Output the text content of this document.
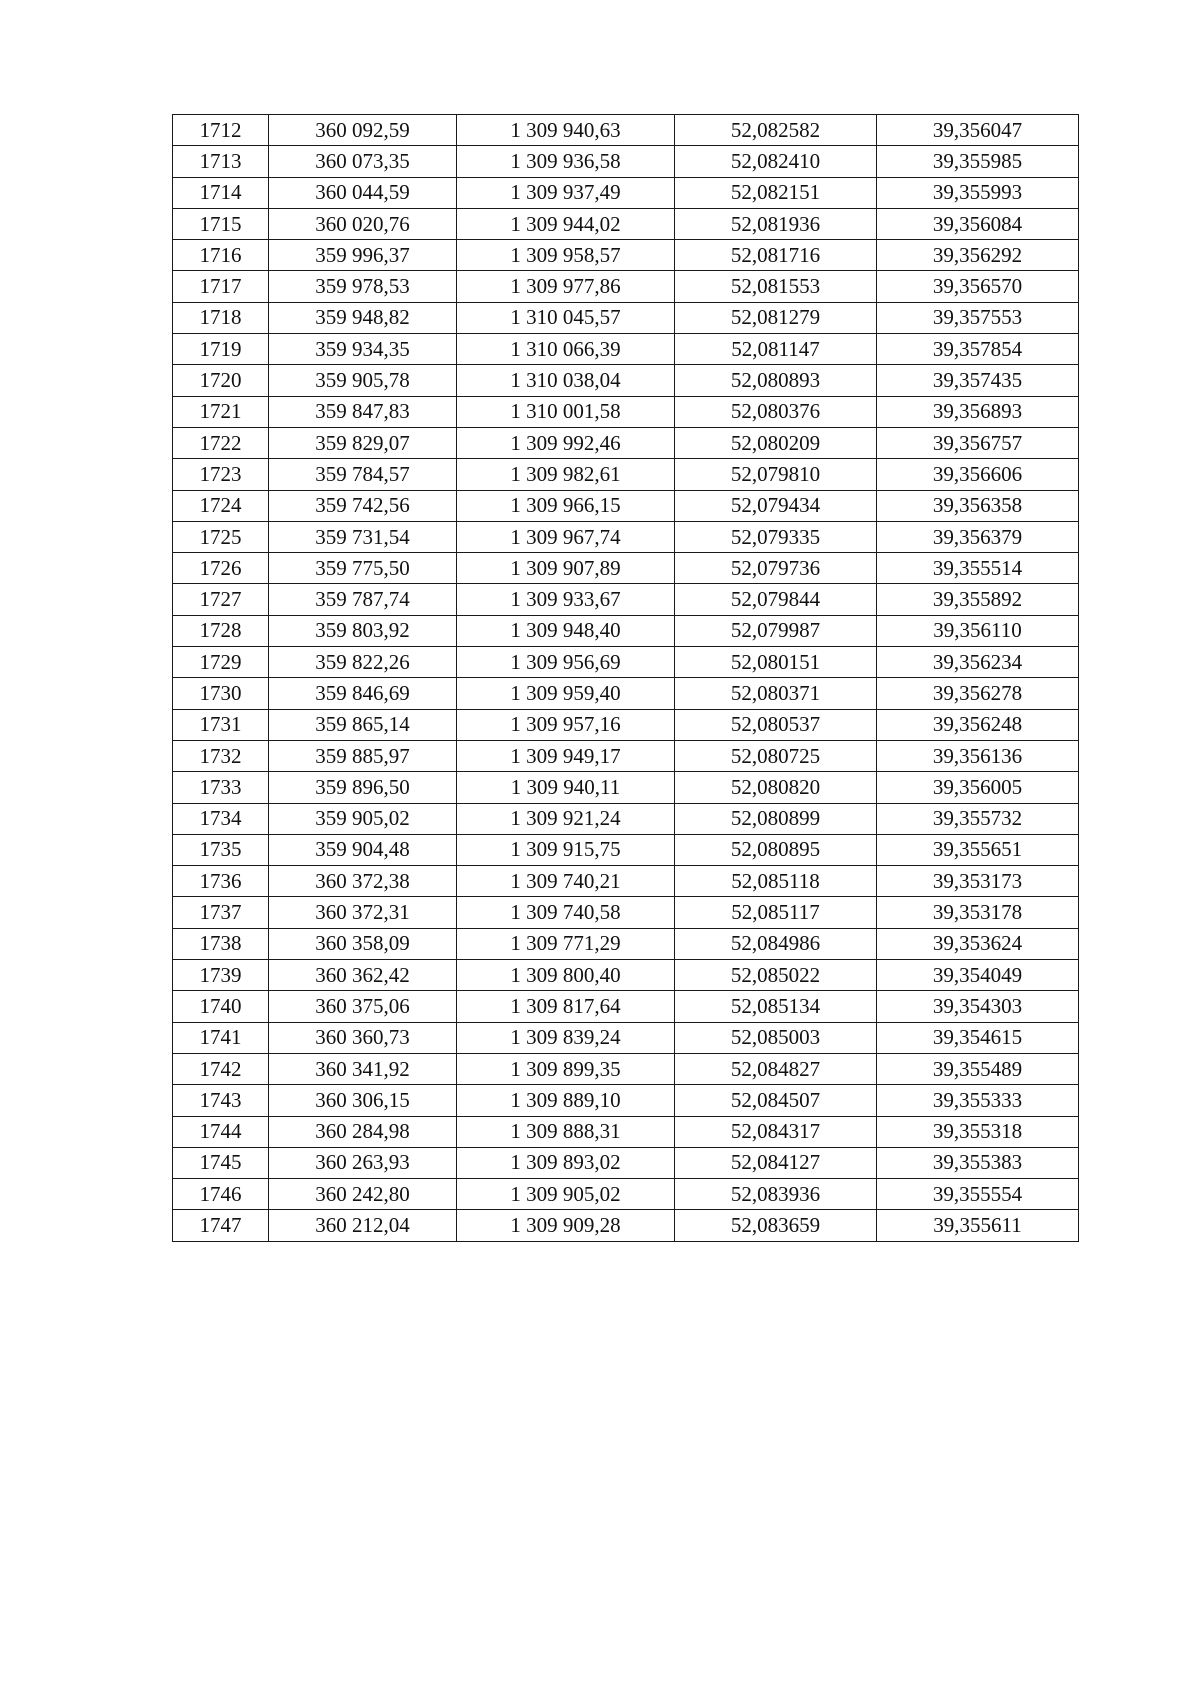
1712	360 092,59	1 309 940,63	52,082582	39,356047
1713	360 073,35	1 309 936,58	52,082410	39,355985
1714	360 044,59	1 309 937,49	52,082151	39,355993
1715	360 020,76	1 309 944,02	52,081936	39,356084
1716	359 996,37	1 309 958,57	52,081716	39,356292
1717	359 978,53	1 309 977,86	52,081553	39,356570
1718	359 948,82	1 310 045,57	52,081279	39,357553
1719	359 934,35	1 310 066,39	52,081147	39,357854
1720	359 905,78	1 310 038,04	52,080893	39,357435
1721	359 847,83	1 310 001,58	52,080376	39,356893
1722	359 829,07	1 309 992,46	52,080209	39,356757
1723	359 784,57	1 309 982,61	52,079810	39,356606
1724	359 742,56	1 309 966,15	52,079434	39,356358
1725	359 731,54	1 309 967,74	52,079335	39,356379
1726	359 775,50	1 309 907,89	52,079736	39,355514
1727	359 787,74	1 309 933,67	52,079844	39,355892
1728	359 803,92	1 309 948,40	52,079987	39,356110
1729	359 822,26	1 309 956,69	52,080151	39,356234
1730	359 846,69	1 309 959,40	52,080371	39,356278
1731	359 865,14	1 309 957,16	52,080537	39,356248
1732	359 885,97	1 309 949,17	52,080725	39,356136
1733	359 896,50	1 309 940,11	52,080820	39,356005
1734	359 905,02	1 309 921,24	52,080899	39,355732
1735	359 904,48	1 309 915,75	52,080895	39,355651
1736	360 372,38	1 309 740,21	52,085118	39,353173
1737	360 372,31	1 309 740,58	52,085117	39,353178
1738	360 358,09	1 309 771,29	52,084986	39,353624
1739	360 362,42	1 309 800,40	52,085022	39,354049
1740	360 375,06	1 309 817,64	52,085134	39,354303
1741	360 360,73	1 309 839,24	52,085003	39,354615
1742	360 341,92	1 309 899,35	52,084827	39,355489
1743	360 306,15	1 309 889,10	52,084507	39,355333
1744	360 284,98	1 309 888,31	52,084317	39,355318
1745	360 263,93	1 309 893,02	52,084127	39,355383
1746	360 242,80	1 309 905,02	52,083936	39,355554
1747	360 212,04	1 309 909,28	52,083659	39,355611
